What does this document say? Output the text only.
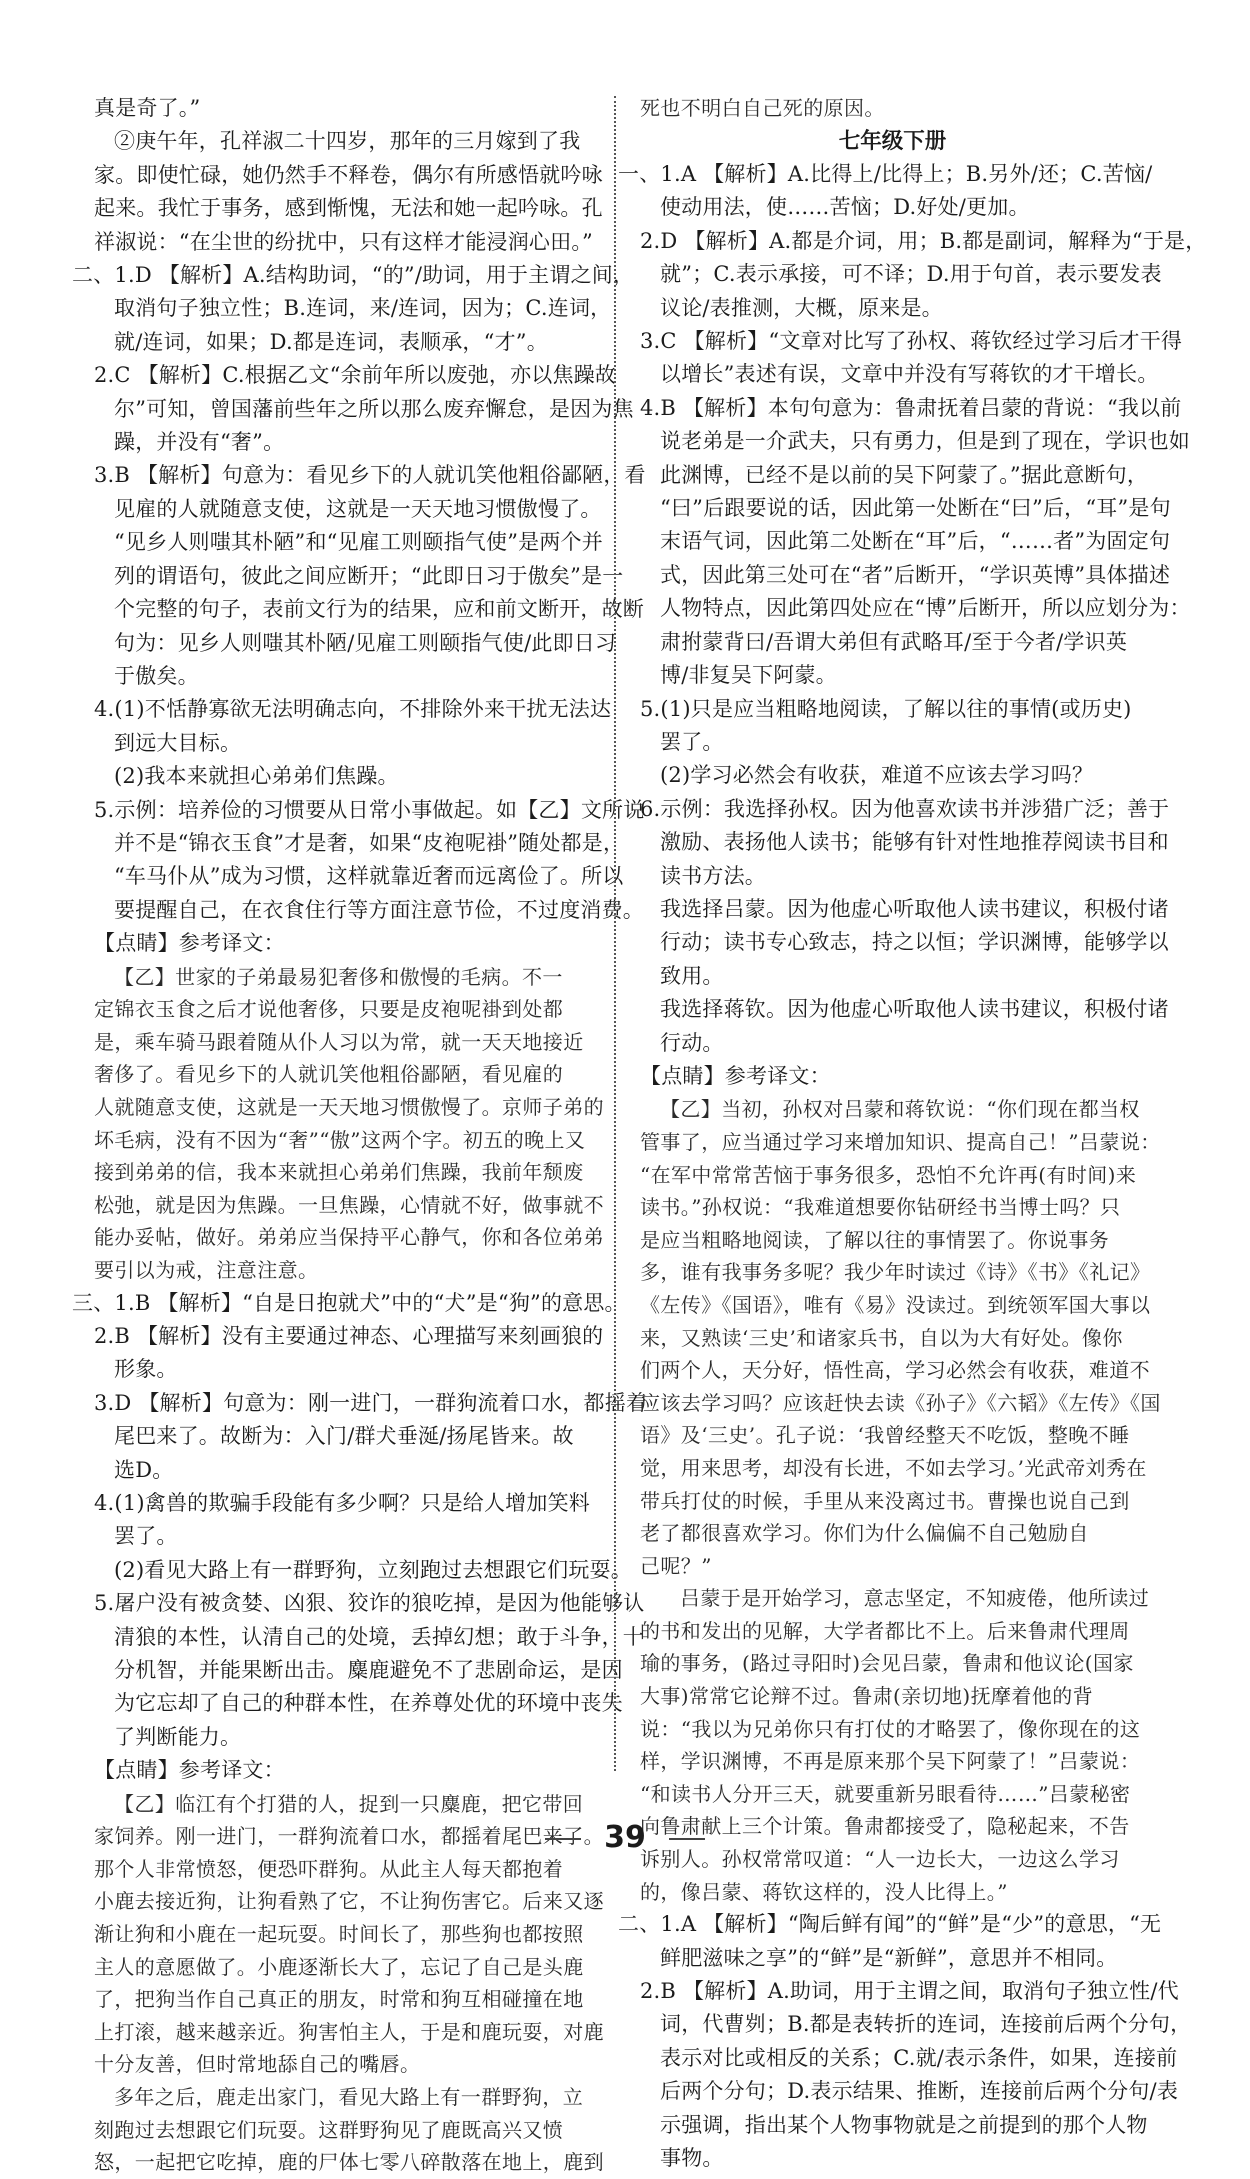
真是奇了。”
②庚午年，孔祥淑二十四岁，那年的三月嫁到了我
家。即使忙碌，她仍然手不释卷，偶尔有所感悟就吟咏
起来。我忙于事务，感到惭愧，无法和她一起吟咏。孔
祥淑说：“在尘世的纷扰中，只有这样才能浸润心田。”
二、1.D 【解析】A.结构助词，“的”/助词，用于主谓之间，
取消句子独立性；B.连词，来/连词，因为；C.连词，
就/连词，如果；D.都是连词，表顺承，“才”。
2.C 【解析】C.根据乙文“余前年所以废弛，亦以焦躁故
尔”可知，曾国藩前些年之所以那么废弃懈怠，是因为焦
躁，并没有“奢”。
3.B 【解析】句意为：看见乡下的人就讥笑他粗俗鄙陋，看
见雇的人就随意支使，这就是一天天地习惯傲慢了。
“见乡人则嗤其朴陋”和“见雇工则颐指气使”是两个并
列的谓语句，彼此之间应断开；“此即日习于傲矣”是一
个完整的句子，表前文行为的结果，应和前文断开，故断
句为：见乡人则嗤其朴陋/见雇工则颐指气使/此即日习
于傲矣。
4.(1)不恬静寡欲无法明确志向，不排除外来干扰无法达
到远大目标。
(2)我本来就担心弟弟们焦躁。
5.示例：培养俭的习惯要从日常小事做起。如【乙】文所说
并不是“锦衣玉食”才是奢，如果“皮袍呢褂”随处都是，
“车马仆从”成为习惯，这样就靠近奢而远离俭了。所以
要提醒自己，在衣食住行等方面注意节俭，不过度消费。
【点睛】参考译文：
【乙】世家的子弟最易犯奢侈和傲慢的毛病。不一
定锦衣玉食之后才说他奢侈，只要是皮袍呢褂到处都
是，乘车骑马跟着随从仆人习以为常，就一天天地接近
奢侈了。看见乡下的人就讥笑他粗俗鄙陋，看见雇的
人就随意支使，这就是一天天地习惯傲慢了。京师子弟的
坏毛病，没有不因为“奢”“傲”这两个字。初五的晚上又
接到弟弟的信，我本来就担心弟弟们焦躁，我前年颓废
松弛，就是因为焦躁。一旦焦躁，心情就不好，做事就不
能办妥帖，做好。弟弟应当保持平心静气，你和各位弟弟
要引以为戒，注意注意。
三、1.B 【解析】“自是日抱就犬”中的“犬”是“狗”的意思。
2.B 【解析】没有主要通过神态、心理描写来刻画狼的
形象。
3.D 【解析】句意为：刚一进门，一群狗流着口水，都摇着
尾巴来了。故断为：入门/群犬垂涎/扬尾皆来。故
选D。
4.(1)禽兽的欺骗手段能有多少啊？只是给人增加笑料
罢了。
(2)看见大路上有一群野狗，立刻跑过去想跟它们玩耍。
5.屠户没有被贪婪、凶狠、狡诈的狼吃掉，是因为他能够认
清狼的本性，认清自己的处境，丢掉幻想；敢于斗争，十
分机智，并能果断出击。麋鹿避免不了悲剧命运，是因
为它忘却了自己的种群本性，在养尊处优的环境中丧失
了判断能力。
【点睛】参考译文：
【乙】临江有个打猎的人，捉到一只麋鹿，把它带回
家饲养。刚一进门，一群狗流着口水，都摇着尾巴来了。
那个人非常愤怒，便恐吓群狗。从此主人每天都抱着
小鹿去接近狗，让狗看熟了它，不让狗伤害它。后来又逐
渐让狗和小鹿在一起玩耍。时间长了，那些狗也都按照
主人的意愿做了。小鹿逐渐长大了，忘记了自己是头鹿
了，把狗当作自己真正的朋友，时常和狗互相碰撞在地
上打滚，越来越亲近。狗害怕主人，于是和鹿玩耍，对鹿
十分友善，但时常地舔自己的嘴唇。
多年之后，鹿走出家门，看见大路上有一群野狗，立
刻跑过去想跟它们玩耍。这群野狗见了鹿既高兴又愤
怒，一起把它吃掉，鹿的尸体七零八碎散落在地上，鹿到
死也不明白自己死的原因。
七年级下册
一、1.A 【解析】A.比得上/比得上；B.另外/还；C.苦恼/
使动用法，使……苦恼；D.好处/更加。
2.D 【解析】A.都是介词，用；B.都是副词，解释为“于是，
就”；C.表示承接，可不译；D.用于句首，表示要发表
议论/表推测，大概，原来是。
3.C 【解析】“文章对比写了孙权、蒋钦经过学习后才干得
以增长”表述有误，文章中并没有写蒋钦的才干增长。
4.B 【解析】本句句意为：鲁肃抚着吕蒙的背说：“我以前
说老弟是一介武夫，只有勇力，但是到了现在，学识也如
此渊博，已经不是以前的吴下阿蒙了。”据此意断句，
“曰”后跟要说的话，因此第一处断在“曰”后，“耳”是句
末语气词，因此第二处断在“耳”后，“……者”为固定句
式，因此第三处可在“者”后断开，“学识英博”具体描述
人物特点，因此第四处应在“博”后断开，所以应划分为：
肃拊蒙背曰/吾谓大弟但有武略耳/至于今者/学识英
博/非复吴下阿蒙。
5.(1)只是应当粗略地阅读，了解以往的事情(或历史)
罢了。
(2)学习必然会有收获，难道不应该去学习吗？
6.示例：我选择孙权。因为他喜欢读书并涉猎广泛；善于
激励、表扬他人读书；能够有针对性地推荐阅读书目和
读书方法。
我选择吕蒙。因为他虚心听取他人读书建议，积极付诸
行动；读书专心致志，持之以恒；学识渊博，能够学以
致用。
我选择蒋钦。因为他虚心听取他人读书建议，积极付诸
行动。
【点睛】参考译文：
【乙】当初，孙权对吕蒙和蒋钦说：“你们现在都当权
管事了，应当通过学习来增加知识、提高自己！”吕蒙说：
“在军中常常苦恼于事务很多，恐怕不允许再(有时间)来
读书。”孙权说：“我难道想要你钻研经书当博士吗？只
是应当粗略地阅读，了解以往的事情罢了。你说事务
多，谁有我事务多呢？我少年时读过《诗》《书》《礼记》
《左传》《国语》，唯有《易》没读过。到统领军国大事以
来，又熟读‘三史’和诸家兵书，自以为大有好处。像你
们两个人，天分好，悟性高，学习必然会有收获，难道不
应该去学习吗？应该赶快去读《孙子》《六韬》《左传》《国
语》及‘三史’。孔子说：‘我曾经整天不吃饭，整晚不睡
觉，用来思考，却没有长进，不如去学习。’光武帝刘秀在
带兵打仗的时候，手里从来没离过书。曹操也说自己到
老了都很喜欢学习。你们为什么偏偏不自己勉励自
己呢？”
吕蒙于是开始学习，意志坚定，不知疲倦，他所读过
的书和发出的见解，大学者都比不上。后来鲁肃代理周
瑜的事务，(路过寻阳时)会见吕蒙，鲁肃和他议论(国家
大事)常常它论辩不过。鲁肃(亲切地)抚摩着他的背
说：“我以为兄弟你只有打仗的才略罢了，像你现在的这
样，学识渊博，不再是原来那个吴下阿蒙了！”吕蒙说：
“和读书人分开三天，就要重新另眼看待……”吕蒙秘密
向鲁肃献上三个计策。鲁肃都接受了，隐秘起来，不告
诉别人。孙权常常叹道：“人一边长大，一边这么学习
的，像吕蒙、蒋钦这样的，没人比得上。”
二、1.A 【解析】“陶后鲜有闻”的“鲜”是“少”的意思，“无
鲜肥滋味之享”的“鲜”是“新鲜”，意思并不相同。
2.B 【解析】A.助词，用于主谓之间，取消句子独立性/代
词，代曹刿；B.都是表转折的连词，连接前后两个分句，
表示对比或相反的关系；C.就/表示条件，如果，连接前
后两个分句；D.表示结果、推断，连接前后两个分句/表
示强调，指出某个人物事物就是之前提到的那个人物
事物。
39
